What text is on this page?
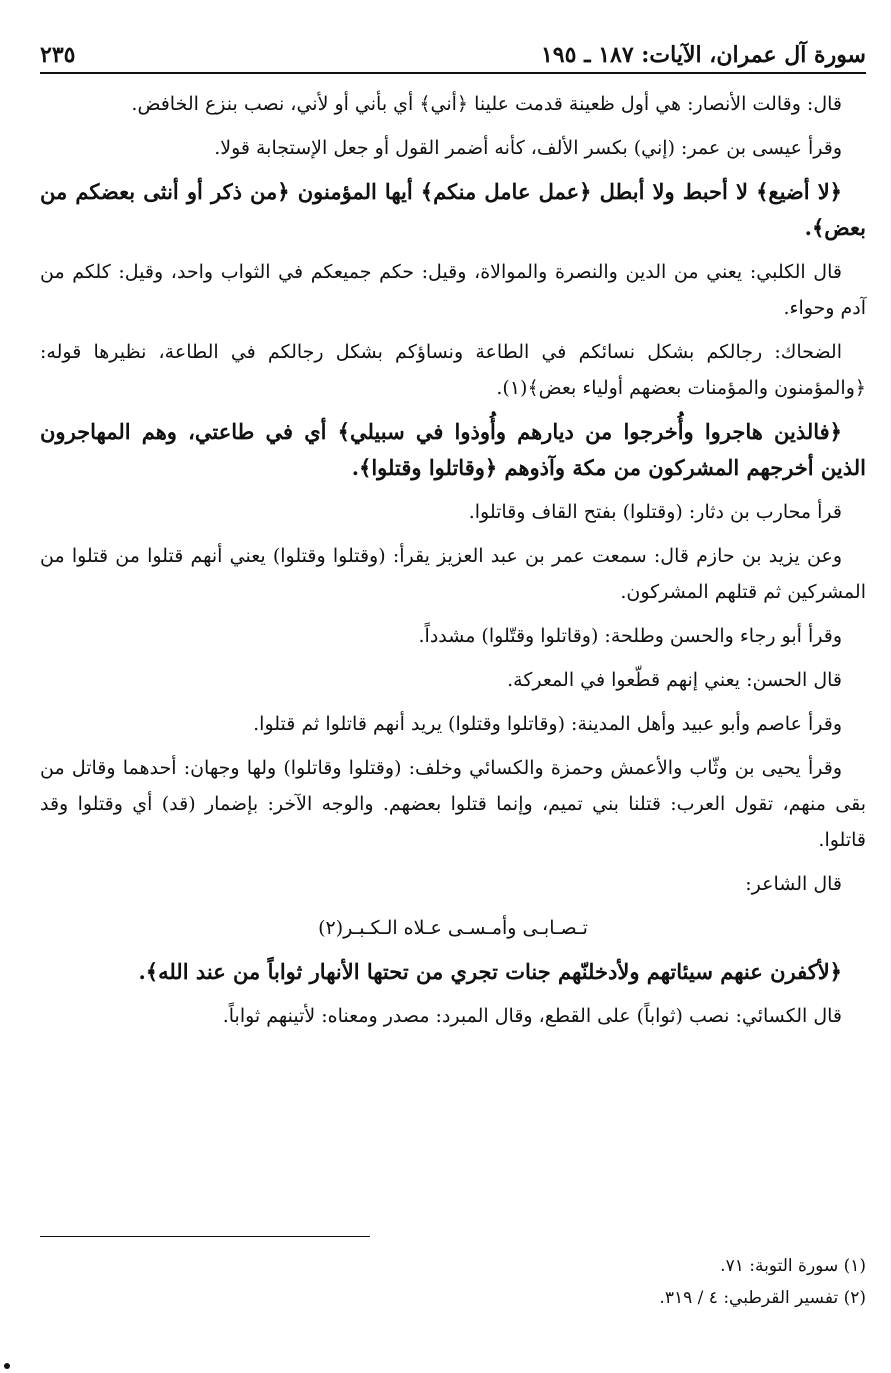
سورة آل عمران، الآيات: ١٨٧ ـ ١٩٥
٢٣٥

قال: وقالت الأنصار: هي أول ظعينة قدمت علينا ﴿أني﴾ أي بأني أو لأني، نصب بنزع الخافض.

وقرأ عيسى بن عمر: (إني) بكسر الألف، كأنه أضمر القول أو جعل الإستجابة قولا.

﴿لا أضيع﴾ لا أحبط ولا أبطل ﴿عمل عامل منكم﴾ أيها المؤمنون ﴿من ذكر أو أنثى بعضكم من بعض﴾.

قال الكلبي: يعني من الدين والنصرة والموالاة، وقيل: حكم جميعكم في الثواب واحد، وقيل: كلكم من آدم وحواء.

الضحاك: رجالكم بشكل نسائكم في الطاعة ونساؤكم بشكل رجالكم في الطاعة، نظيرها قوله: ﴿والمؤمنون والمؤمنات بعضهم أولياء بعض﴾(١).

﴿فالذين هاجروا وأُخرجوا من ديارهم وأُوذوا في سبيلي﴾ أي في طاعتي، وهم المهاجرون الذين أخرجهم المشركون من مكة وآذوهم ﴿وقاتلوا وقتلوا﴾.

قرأ محارب بن دثار: (وقتلوا) بفتح القاف وقاتلوا.

وعن يزيد بن حازم قال: سمعت عمر بن عبد العزيز يقرأ: (وقتلوا وقتلوا) يعني أنهم قتلوا من قتلوا من المشركين ثم قتلهم المشركون.

وقرأ أبو رجاء والحسن وطلحة: (وقاتلوا وقتّلوا) مشدداً.

قال الحسن: يعني إنهم قطّعوا في المعركة.

وقرأ عاصم وأبو عبيد وأهل المدينة: (وقاتلوا وقتلوا) يريد أنهم قاتلوا ثم قتلوا.

وقرأ يحيى بن وثّاب والأعمش وحمزة والكسائي وخلف: (وقتلوا وقاتلوا) ولها وجهان: أحدهما وقاتل من بقى منهم، تقول العرب: قتلنا بني تميم، وإنما قتلوا بعضهم. والوجه الآخر: بإضمار (قد) أي وقتلوا وقد قاتلوا.

قال الشاعر:

تـصـابـى وأمـسـى عـلاه الـكـبـر(٢)

﴿لأكفرن عنهم سيئاتهم ولأدخلنّهم جنات تجري من تحتها الأنهار ثواباً من عند الله﴾.

قال الكسائي: نصب (ثواباً) على القطع، وقال المبرد: مصدر ومعناه: لأتينهم ثواباً.

(١) سورة التوبة: ٧١.
(٢) تفسير القرطبي: ٤ / ٣١٩.
